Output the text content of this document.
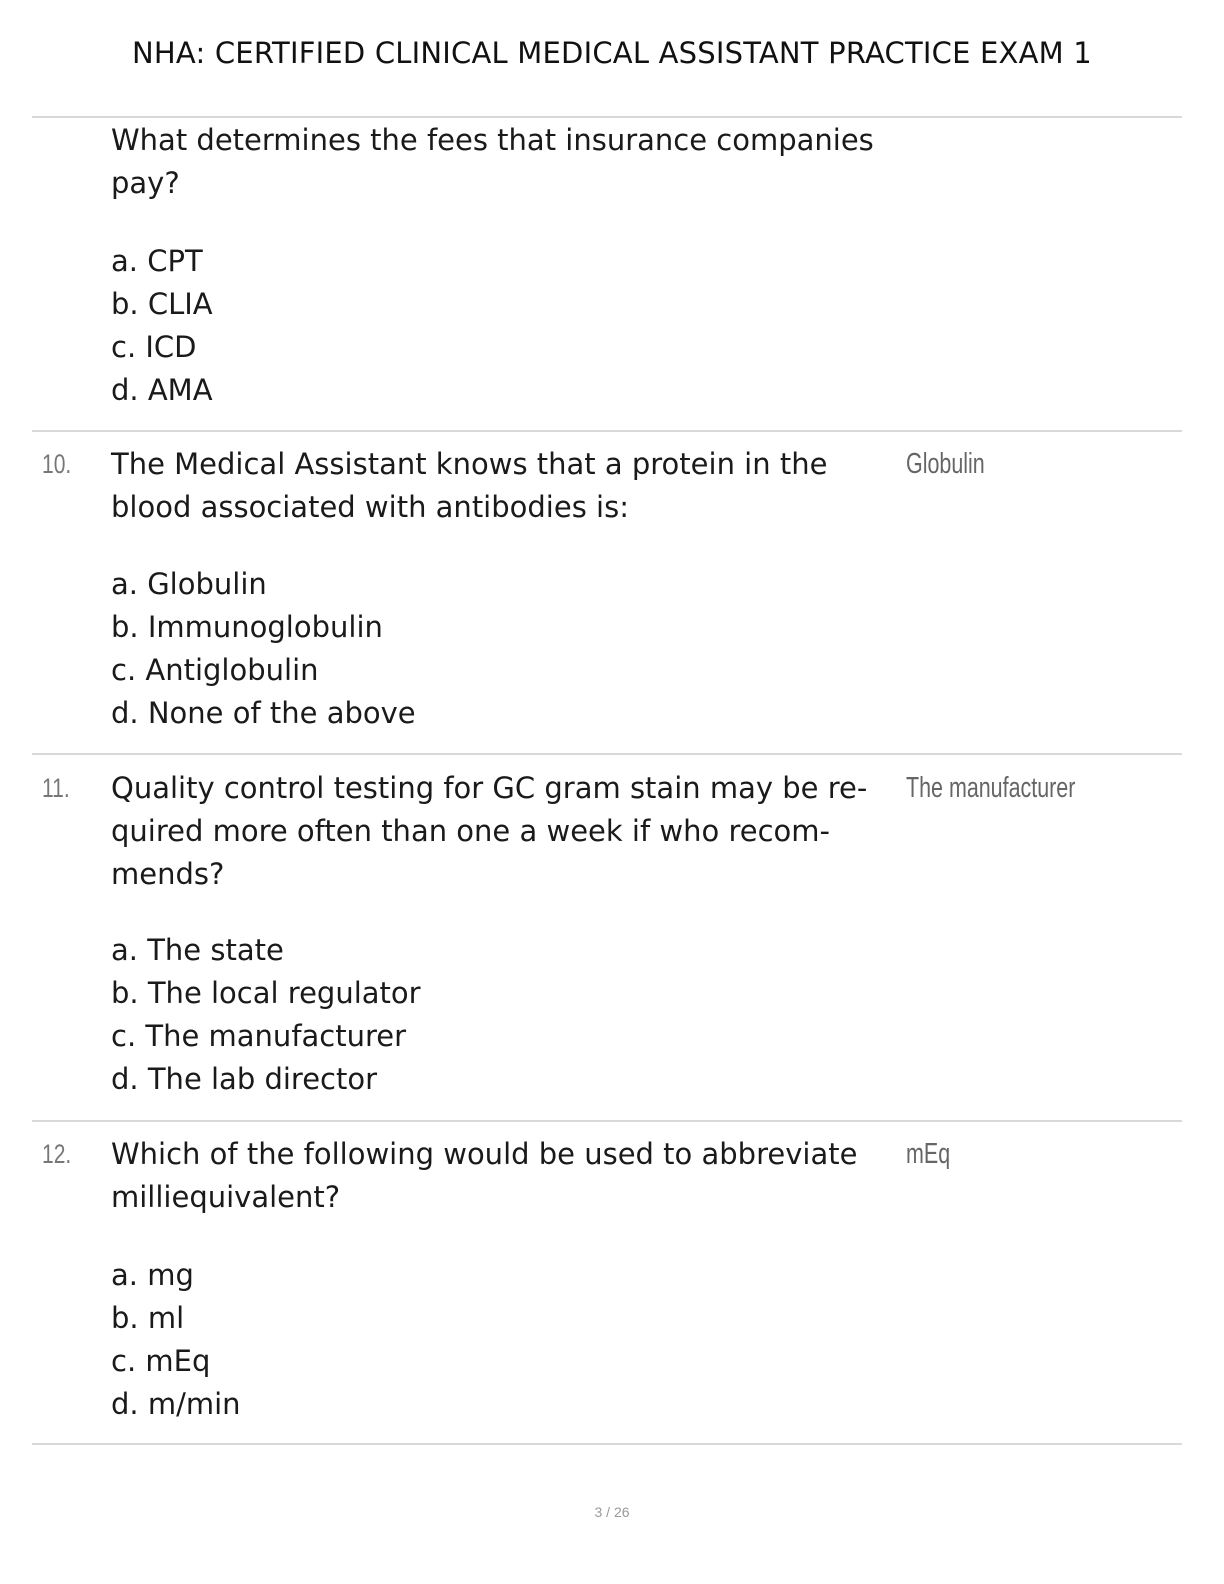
NHA: CERTIFIED CLINICAL MEDICAL ASSISTANT PRACTICE EXAM 1
What determines the fees that insurance companies
pay?
a. CPT
b. CLIA
c. ICD
d. AMA
10. The Medical Assistant knows that a protein in the
blood associated with antibodies is:
Globulin
a. Globulin
b. Immunoglobulin
c. Antiglobulin
d. None of the above
11. Quality control testing for GC gram stain may be re-
quired more often than one a week if who recom-
mends?
The manufacturer
a. The state
b. The local regulator
c. The manufacturer
d. The lab director
12. Which of the following would be used to abbreviate
milliequivalent?
mEq
a. mg
b. ml
c. mEq
d. m/min
3 / 26
